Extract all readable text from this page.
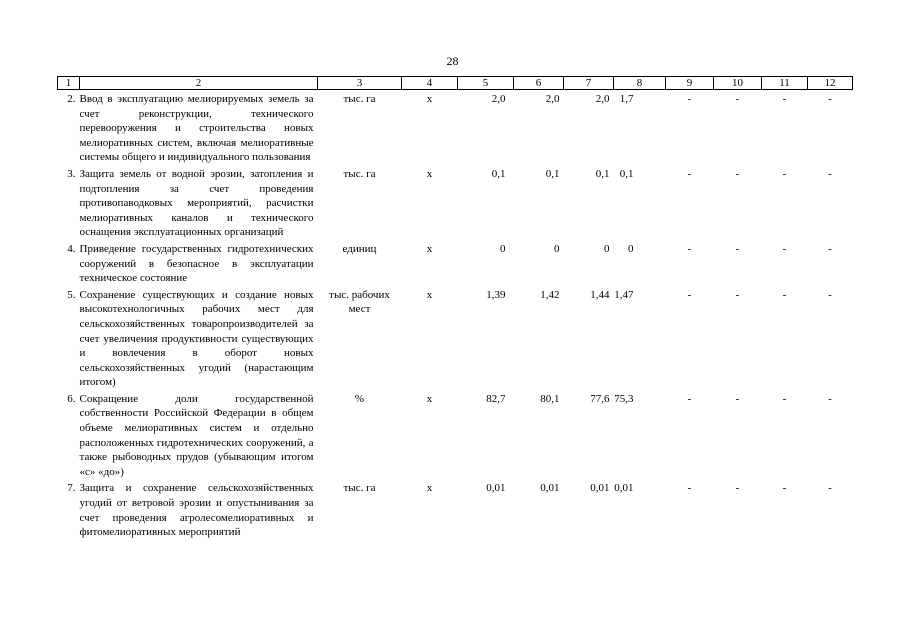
28
1	2	3	4	5	6	7	8	9	10	11	12
2.	Ввод в эксплуатацию мелиорируемых земель за счет реконструкции, технического перевооружения и строительства новых мелиоративных систем, включая мелиоративные системы общего и индивидуального пользования	тыс. га	х	2,0	2,0	2,0	1,7	-	-	-	-
3.	Защита земель от водной эрозии, затопления и подтопления за счет проведения противопаводковых мероприятий, расчистки мелиоративных каналов и технического оснащения эксплуатационных организаций	тыс. га	х	0,1	0,1	0,1	0,1	-	-	-	-
4.	Приведение государственных гидротехнических сооружений в безопасное в эксплуатации техническое состояние	единиц	х	0	0	0	0	-	-	-	-
5.	Сохранение существующих и создание новых высокотехнологичных рабочих мест для сельскохозяйственных товаропроизводителей за счет увеличения продуктивности существующих и вовлечения в оборот новых сельскохозяйственных угодий (нарастающим итогом)	тыс. рабочих мест	х	1,39	1,42	1,44	1,47	-	-	-	-
6.	Сокращение доли государственной собственности Российской Федерации в общем объеме мелиоративных систем и отдельно расположенных гидротехнических сооружений, а также рыбоводных прудов (убывающим итогом «с» «до»)	%	х	82,7	80,1	77,6	75,3	-	-	-	-
7.	Защита и сохранение сельскохозяйственных угодий от ветровой эрозии и опустынивания за счет проведения агролесомелиоративных и фитомелиоративных мероприятий	тыс. га	х	0,01	0,01	0,01	0,01	-	-	-	-
